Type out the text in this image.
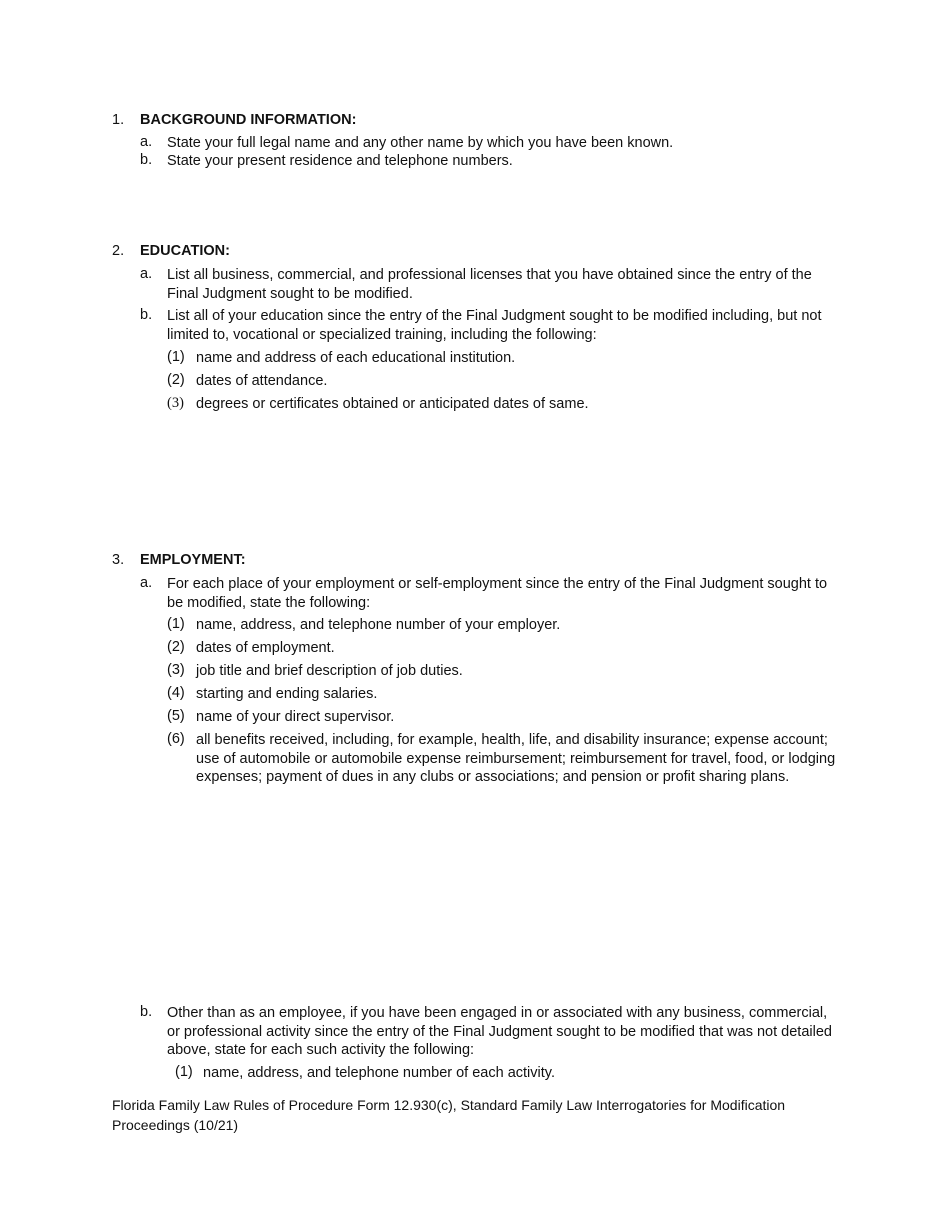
1. BACKGROUND INFORMATION:
a. State your full legal name and any other name by which you have been known.
b. State your present residence and telephone numbers.
2. EDUCATION:
a. List all business, commercial, and professional licenses that you have obtained since the entry of the Final Judgment sought to be modified.
b. List all of your education since the entry of the Final Judgment sought to be modified including, but not limited to, vocational or specialized training, including the following:
(1) name and address of each educational institution.
(2) dates of attendance.
(3) degrees or certificates obtained or anticipated dates of same.
3. EMPLOYMENT:
a. For each place of your employment or self-employment since the entry of the Final Judgment sought to be modified, state the following:
(1) name, address, and telephone number of your employer.
(2) dates of employment.
(3) job title and brief description of job duties.
(4) starting and ending salaries.
(5) name of your direct supervisor.
(6) all benefits received, including, for example, health, life, and disability insurance; expense account; use of automobile or automobile expense reimbursement; reimbursement for travel, food, or lodging expenses; payment of dues in any clubs or associations; and pension or profit sharing plans.
b. Other than as an employee, if you have been engaged in or associated with any business, commercial, or professional activity since the entry of the Final Judgment sought to be modified that was not detailed above, state for each such activity the following:
(1) name, address, and telephone number of each activity.
Florida Family Law Rules of Procedure Form 12.930(c), Standard Family Law Interrogatories for Modification
Proceedings (10/21)
